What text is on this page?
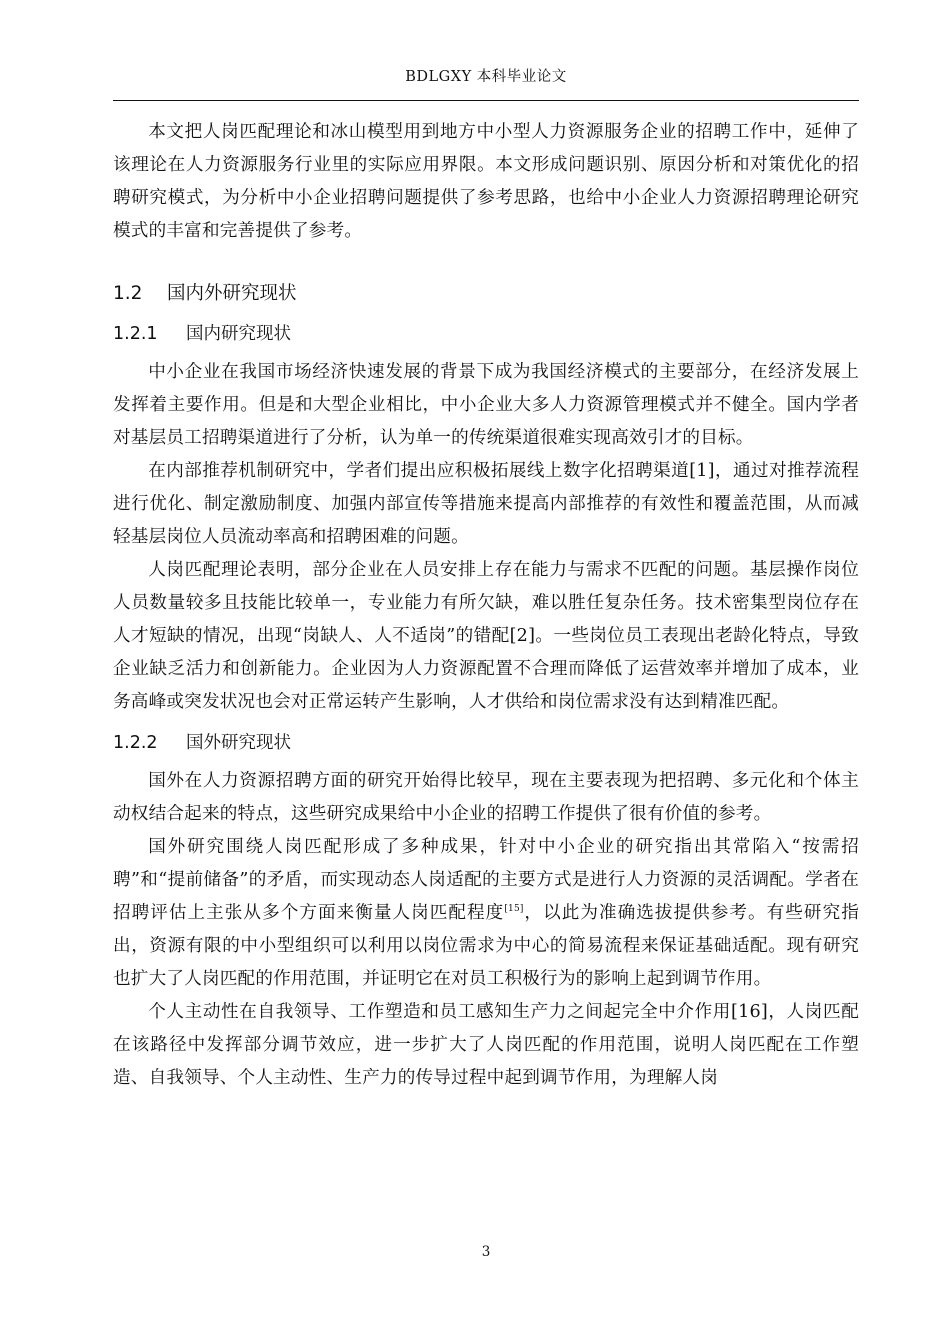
BDLGXY 本科毕业论文

本文把人岗匹配理论和冰山模型用到地方中小型人力资源服务企业的招聘工作中，延伸了该理论在人力资源服务行业里的实际应用界限。本文形成问题识别、原因分析和对策优化的招聘研究模式，为分析中小企业招聘问题提供了参考思路，也给中小企业人力资源招聘理论研究模式的丰富和完善提供了参考。

1.2 国内外研究现状
1.2.1 国内研究现状

中小企业在我国市场经济快速发展的背景下成为我国经济模式的主要部分，在经济发展上发挥着主要作用。但是和大型企业相比，中小企业大多人力资源管理模式并不健全。国内学者对基层员工招聘渠道进行了分析，认为单一的传统渠道很难实现高效引才的目标。

在内部推荐机制研究中，学者们提出应积极拓展线上数字化招聘渠道[1]，通过对推荐流程进行优化、制定激励制度、加强内部宣传等措施来提高内部推荐的有效性和覆盖范围，从而减轻基层岗位人员流动率高和招聘困难的问题。

人岗匹配理论表明，部分企业在人员安排上存在能力与需求不匹配的问题。基层操作岗位人员数量较多且技能比较单一，专业能力有所欠缺，难以胜任复杂任务。技术密集型岗位存在人才短缺的情况，出现“岗缺人、人不适岗”的错配[2]。一些岗位员工表现出老龄化特点，导致企业缺乏活力和创新能力。企业因为人力资源配置不合理而降低了运营效率并增加了成本，业务高峰或突发状况也会对正常运转产生影响，人才供给和岗位需求没有达到精准匹配。

1.2.2 国外研究现状

国外在人力资源招聘方面的研究开始得比较早，现在主要表现为把招聘、多元化和个体主动权结合起来的特点，这些研究成果给中小企业的招聘工作提供了很有价值的参考。

国外研究围绕人岗匹配形成了多种成果，针对中小企业的研究指出其常陷入“按需招聘”和“提前储备”的矛盾，而实现动态人岗适配的主要方式是进行人力资源的灵活调配。学者在招聘评估上主张从多个方面来衡量人岗匹配程度[15]，以此为准确选拔提供参考。有些研究指出，资源有限的中小型组织可以利用以岗位需求为中心的简易流程来保证基础适配。现有研究也扩大了人岗匹配的作用范围，并证明它在对员工积极行为的影响上起到调节作用。

个人主动性在自我领导、工作塑造和员工感知生产力之间起完全中介作用[16]，人岗匹配在该路径中发挥部分调节效应，进一步扩大了人岗匹配的作用范围，说明人岗匹配在工作塑造、自我领导、个人主动性、生产力的传导过程中起到调节作用，为理解人岗

3
